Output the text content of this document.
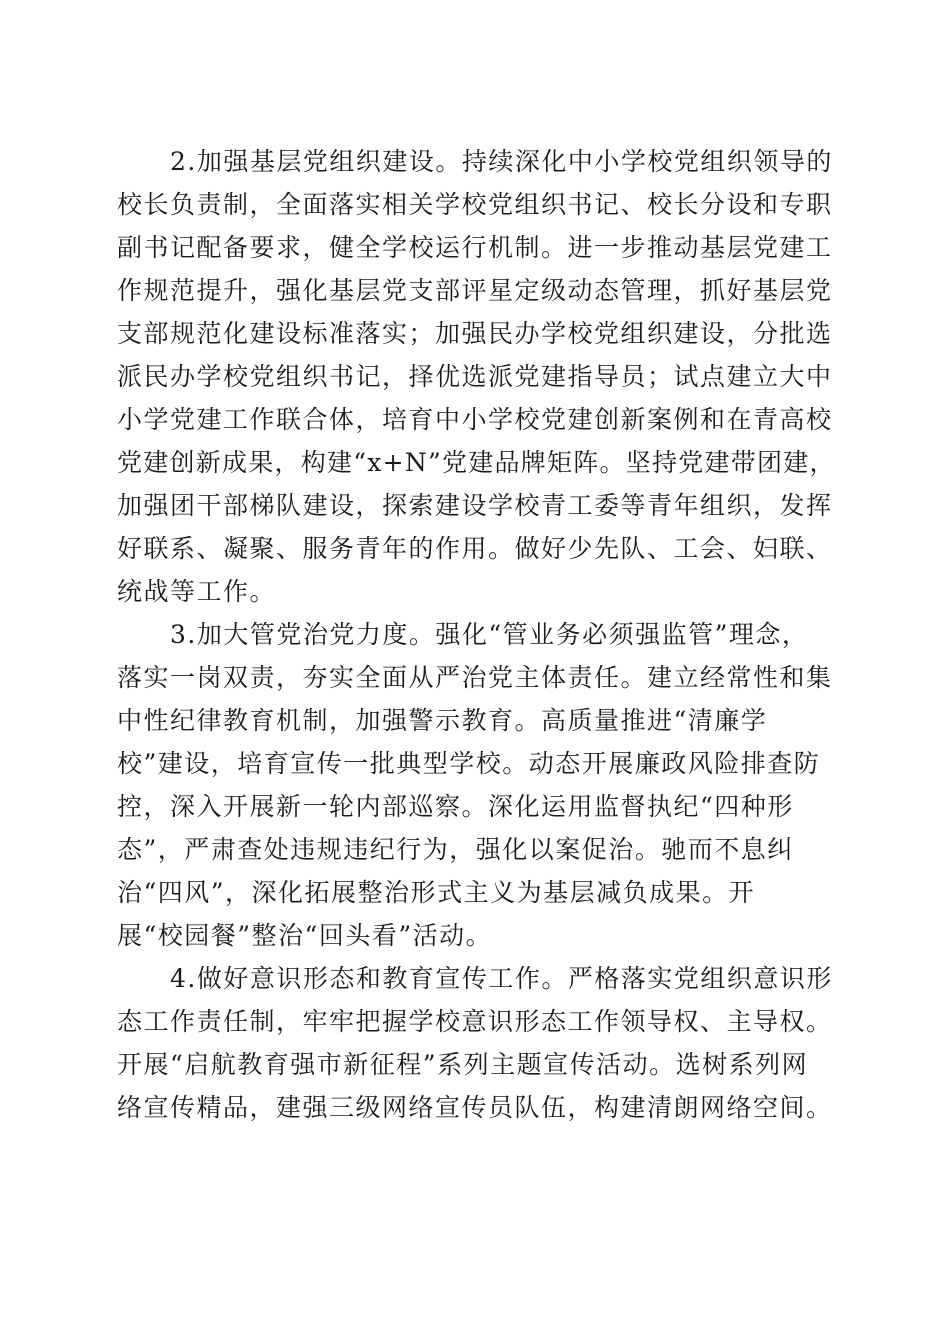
2.加强基层党组织建设。持续深化中小学校党组织领导的

校长负责制，全面落实相关学校党组织书记、校长分设和专职

副书记配备要求，健全学校运行机制。进一步推动基层党建工

作规范提升，强化基层党支部评星定级动态管理，抓好基层党

支部规范化建设标准落实；加强民办学校党组织建设，分批选

派民办学校党组织书记，择优选派党建指导员；试点建立大中

小学党建工作联合体，培育中小学校党建创新案例和在青高校

党建创新成果，构建“x+N”党建品牌矩阵。坚持党建带团建，

加强团干部梯队建设，探索建设学校青工委等青年组织，发挥

好联系、凝聚、服务青年的作用。做好少先队、工会、妇联、

统战等工作。

3.加大管党治党力度。强化“管业务必须强监管”理念，

落实一岗双责，夯实全面从严治党主体责任。建立经常性和集

中性纪律教育机制，加强警示教育。高质量推进“清廉学

校”建设，培育宣传一批典型学校。动态开展廉政风险排查防

控，深入开展新一轮内部巡察。深化运用监督执纪“四种形

态”，严肃查处违规违纪行为，强化以案促治。驰而不息纠

治“四风”，深化拓展整治形式主义为基层减负成果。开

展“校园餐”整治“回头看”活动。

4.做好意识形态和教育宣传工作。严格落实党组织意识形

态工作责任制，牢牢把握学校意识形态工作领导权、主导权。

开展“启航教育强市新征程”系列主题宣传活动。选树系列网

络宣传精品，建强三级网络宣传员队伍，构建清朗网络空间。
